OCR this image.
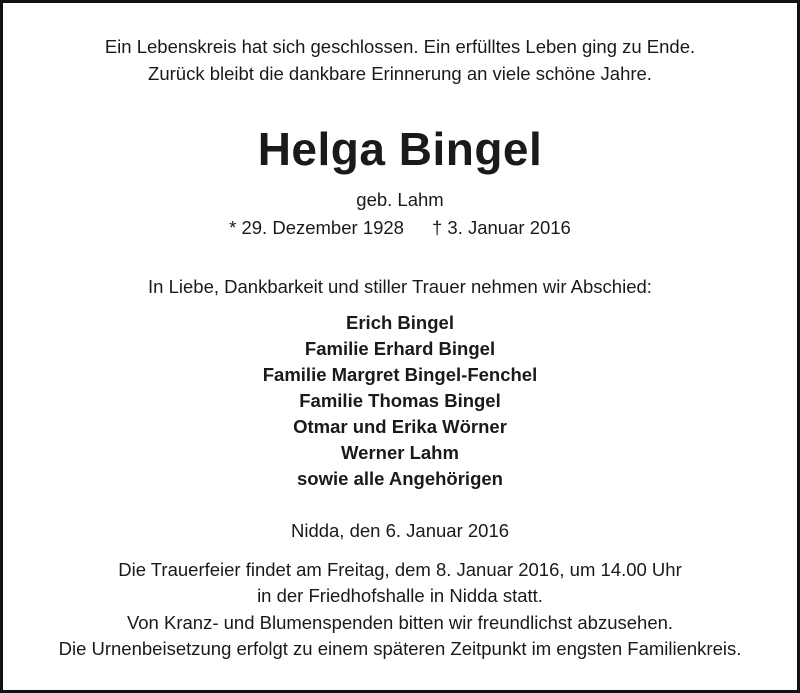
Ein Lebenskreis hat sich geschlossen. Ein erfülltes Leben ging zu Ende.
Zurück bleibt die dankbare Erinnerung an viele schöne Jahre.
Helga Bingel
geb. Lahm
* 29. Dezember 1928 † 3. Januar 2016
In Liebe, Dankbarkeit und stiller Trauer nehmen wir Abschied:
Erich Bingel
Familie Erhard Bingel
Familie Margret Bingel-Fenchel
Familie Thomas Bingel
Otmar und Erika Wörner
Werner Lahm
sowie alle Angehörigen
Nidda, den 6. Januar 2016
Die Trauerfeier findet am Freitag, dem 8. Januar 2016, um 14.00 Uhr
in der Friedhofshalle in Nidda statt.
Von Kranz- und Blumenspenden bitten wir freundlichst abzusehen.
Die Urnenbeisetzung erfolgt zu einem späteren Zeitpunkt im engsten Familienkreis.
